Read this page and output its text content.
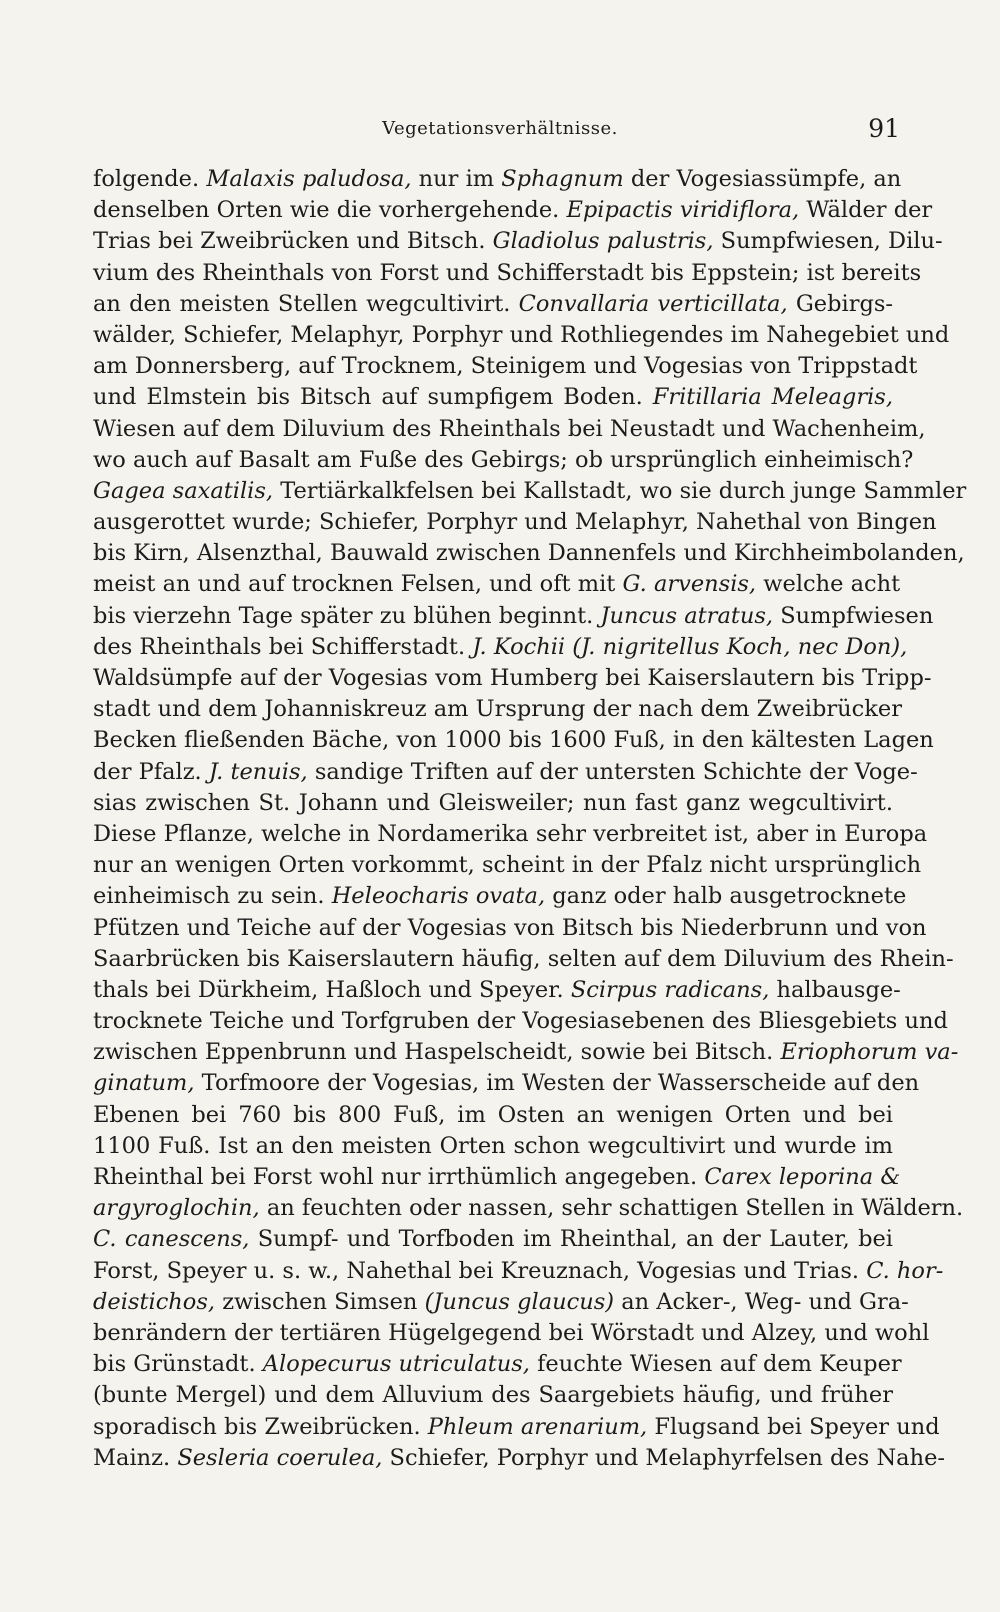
Vegetationsverhältnisse.	91
folgende. Malaxis paludosa, nur im Sphagnum der Vogesiassümpfe, an
denselben Orten wie die vorhergehende. Epipactis viridiflora, Wälder der
Trias bei Zweibrücken und Bitsch. Gladiolus palustris, Sumpfwiesen, Dilu-
vium des Rheinthals von Forst und Schifferstadt bis Eppstein; ist bereits
an den meisten Stellen wegcultivirt. Convallaria verticillata, Gebirgs-
wälder, Schiefer, Melaphyr, Porphyr und Rothliegendes im Nahegebiet und
am Donnersberg, auf Trocknem, Steinigem und Vogesias von Trippstadt
und Elmstein bis Bitsch auf sumpfigem Boden. Fritillaria Meleagris,
Wiesen auf dem Diluvium des Rheinthals bei Neustadt und Wachenheim,
wo auch auf Basalt am Fuße des Gebirgs; ob ursprünglich einheimisch?
Gagea saxatilis, Tertiärkalkfelsen bei Kallstadt, wo sie durch junge Sammler
ausgerottet wurde; Schiefer, Porphyr und Melaphyr, Nahethal von Bingen
bis Kirn, Alsenzthal, Bauwald zwischen Dannenfels und Kirchheimbolanden,
meist an und auf trocknen Felsen, und oft mit G. arvensis, welche acht
bis vierzehn Tage später zu blühen beginnt. Juncus atratus, Sumpfwiesen
des Rheinthals bei Schifferstadt. J. Kochii (J. nigritellus Koch, nec Don),
Waldsümpfe auf der Vogesias vom Humberg bei Kaiserslautern bis Tripp-
stadt und dem Johanniskreuz am Ursprung der nach dem Zweibrücker
Becken fließenden Bäche, von 1000 bis 1600 Fuß, in den kältesten Lagen
der Pfalz. J. tenuis, sandige Triften auf der untersten Schichte der Voge-
sias zwischen St. Johann und Gleisweiler; nun fast ganz wegcultivirt.
Diese Pflanze, welche in Nordamerika sehr verbreitet ist, aber in Europa
nur an wenigen Orten vorkommt, scheint in der Pfalz nicht ursprünglich
einheimisch zu sein. Heleocharis ovata, ganz oder halb ausgetrocknete
Pfützen und Teiche auf der Vogesias von Bitsch bis Niederbrunn und von
Saarbrücken bis Kaiserslautern häufig, selten auf dem Diluvium des Rhein-
thals bei Dürkheim, Haßloch und Speyer. Scirpus radicans, halbausge-
trocknete Teiche und Torfgruben der Vogesiasebenen des Bliesgebiets und
zwischen Eppenbrunn und Haspelscheidt, sowie bei Bitsch. Eriophorum va-
ginatum, Torfmoore der Vogesias, im Westen der Wasserscheide auf den
Ebenen bei 760 bis 800 Fuß, im Osten an wenigen Orten und bei
1100 Fuß. Ist an den meisten Orten schon wegcultivirt und wurde im
Rheinthal bei Forst wohl nur irrthümlich angegeben. Carex leporina &
argyroglochin, an feuchten oder nassen, sehr schattigen Stellen in Wäldern.
C. canescens, Sumpf- und Torfboden im Rheinthal, an der Lauter, bei
Forst, Speyer u. s. w., Nahethal bei Kreuznach, Vogesias und Trias. C. hor-
deistichos, zwischen Simsen (Juncus glaucus) an Acker-, Weg- und Gra-
benrändern der tertiären Hügelgegend bei Wörstadt und Alzey, und wohl
bis Grünstadt. Alopecurus utriculatus, feuchte Wiesen auf dem Keuper
(bunte Mergel) und dem Alluvium des Saargebiets häufig, und früher
sporadisch bis Zweibrücken. Phleum arenarium, Flugsand bei Speyer und
Mainz. Sesleria coerulea, Schiefer, Porphyr und Melaphyrfelsen des Nahe-
